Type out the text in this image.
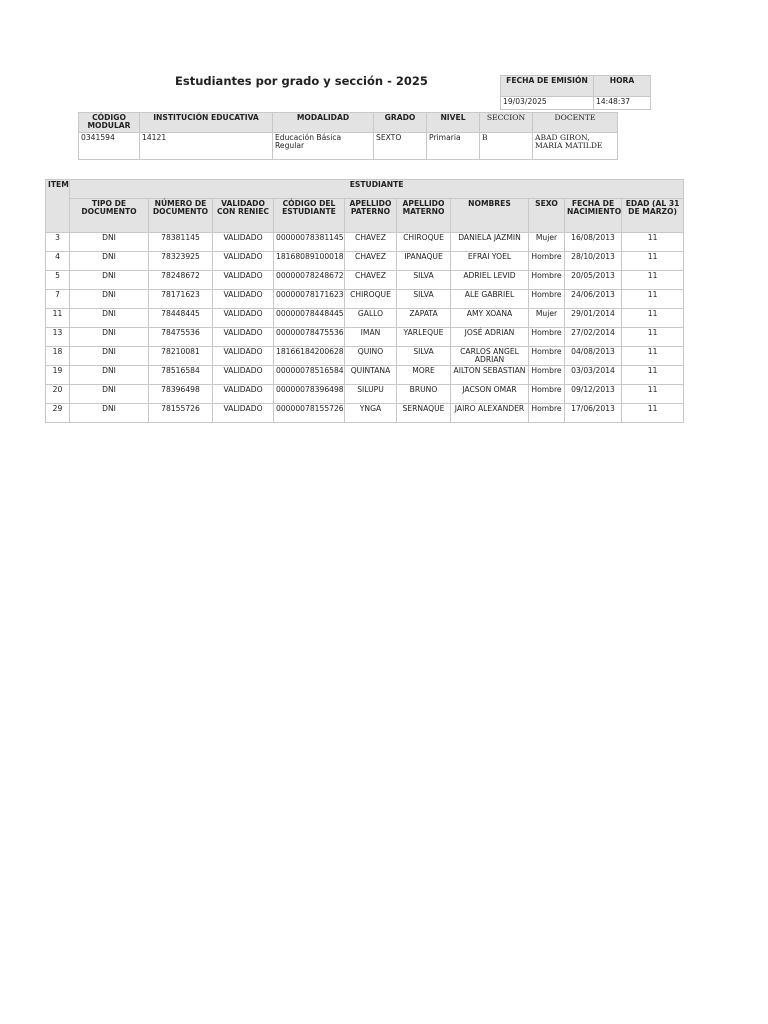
Estudiantes por grado y sección - 2025	FECHA DE EMISIÓN	HORA
19/03/2025	14:48:37
CÓDIGO MODULAR	INSTITUCIÓN EDUCATIVA	MODALIDAD	GRADO	NIVEL	SECCION	DOCENTE
0341594	14121	Educación Básica Regular	SEXTO	Primaria	B	ABAD GIRON, MARIA MATILDE
ITEM	ESTUDIANTE									
	TIPO DE DOCUMENTO	NÚMERO DE DOCUMENTO	VALIDADO CON RENIEC	CÓDIGO DEL ESTUDIANTE	APELLIDO PATERNO	APELLIDO MATERNO	NOMBRES	SEXO	FECHA DE NACIMIENTO	EDAD (AL 31 DE MARZO)
3	DNI	78381145	VALIDADO	00000078381145	CHAVEZ	CHIROQUE	DANIELA JAZMIN	Mujer	16/08/2013	11
4	DNI	78323925	VALIDADO	18168089100018	CHAVEZ	IPANAQUE	EFRAI YOEL	Hombre	28/10/2013	11
5	DNI	78248672	VALIDADO	00000078248672	CHAVEZ	SILVA	ADRIEL LEVID	Hombre	20/05/2013	11
7	DNI	78171623	VALIDADO	00000078171623	CHIROQUE	SILVA	ALE GABRIEL	Hombre	24/06/2013	11
11	DNI	78448445	VALIDADO	00000078448445	GALLO	ZAPATA	AMY XOANA	Mujer	29/01/2014	11
13	DNI	78475536	VALIDADO	00000078475536	IMAN	YARLEQUE	JOSÉ ADRIAN	Hombre	27/02/2014	11
18	DNI	78210081	VALIDADO	18166184200628	QUINO	SILVA	CARLOS ANGEL ADRIAN	Hombre	04/08/2013	11
19	DNI	78516584	VALIDADO	00000078516584	QUINTANA	MORE	AILTON SEBASTIAN	Hombre	03/03/2014	11
20	DNI	78396498	VALIDADO	00000078396498	SILUPU	BRUNO	JACSON OMAR	Hombre	09/12/2013	11
29	DNI	78155726	VALIDADO	00000078155726	YNGA	SERNAQUE	JAIRO ALEXANDER	Hombre	17/06/2013	11
